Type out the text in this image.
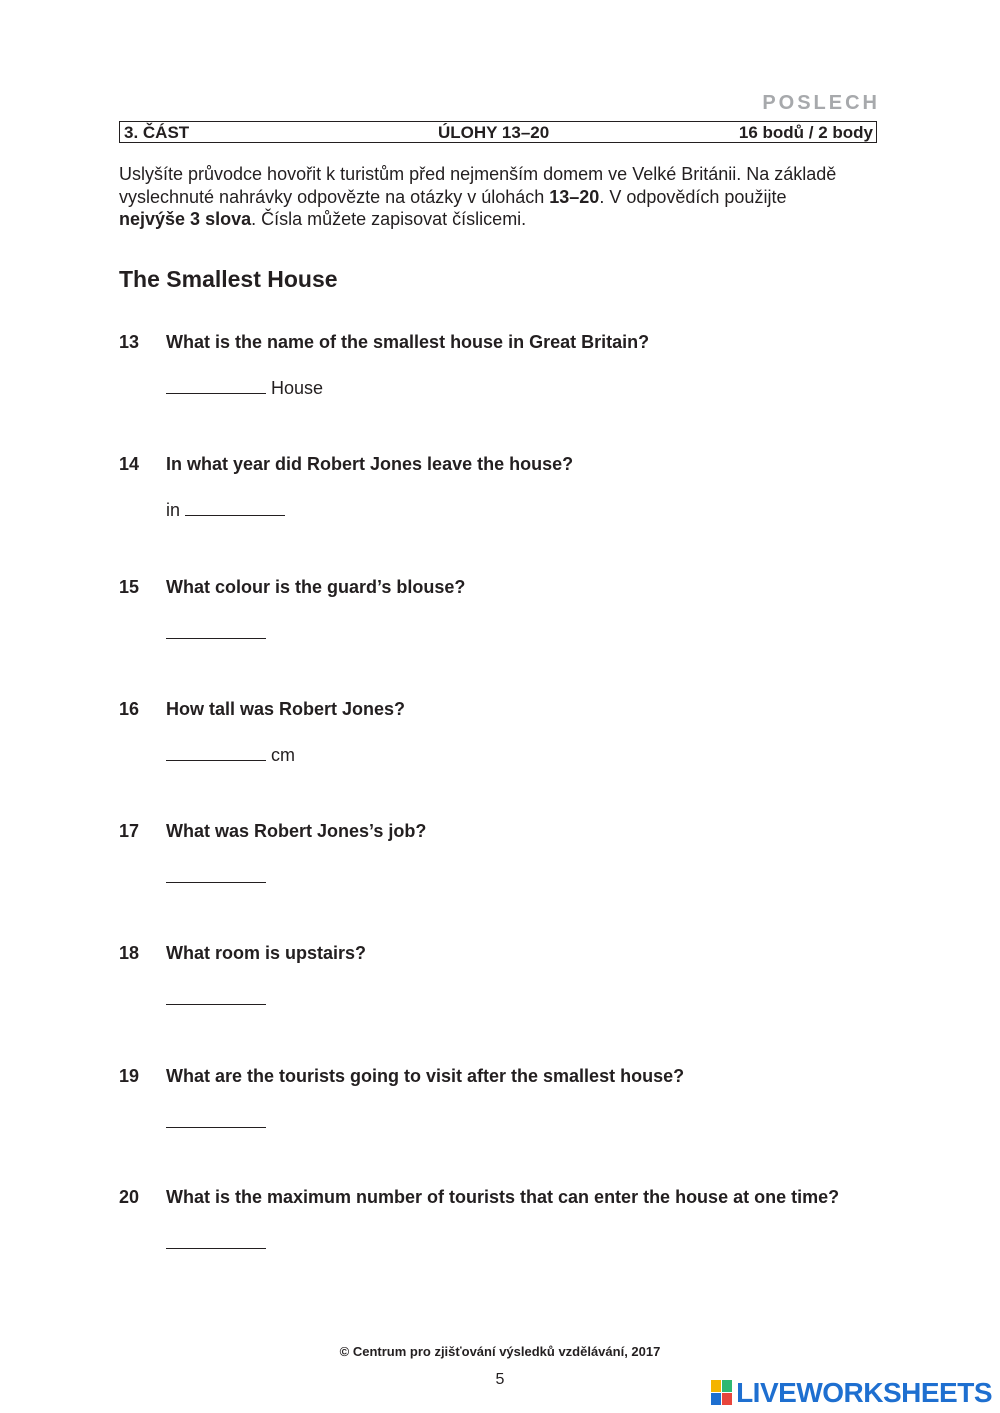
POSLECH
3. ČÁST	ÚLOHY 13–20	16 bodů / 2 body
Uslyšíte průvodce hovořit k turistům před nejmenším domem ve Velké Británii. Na základě
vyslechnuté nahrávky odpovězte na otázky v úlohách 13–20. V odpovědích použijte
nejvýše 3 slova. Čísla můžete zapisovat číslicemi.
The Smallest House
13 What is the name of the smallest house in Great Britain?
House
14 In what year did Robert Jones leave the house?
in
15 What colour is the guard’s blouse?
16 How tall was Robert Jones?
cm
17 What was Robert Jones’s job?
18 What room is upstairs?
19 What are the tourists going to visit after the smallest house?
20 What is the maximum number of tourists that can enter the house at one time?
© Centrum pro zjišťování výsledků vzdělávání, 2017
5	LIVEWORKSHEETS
